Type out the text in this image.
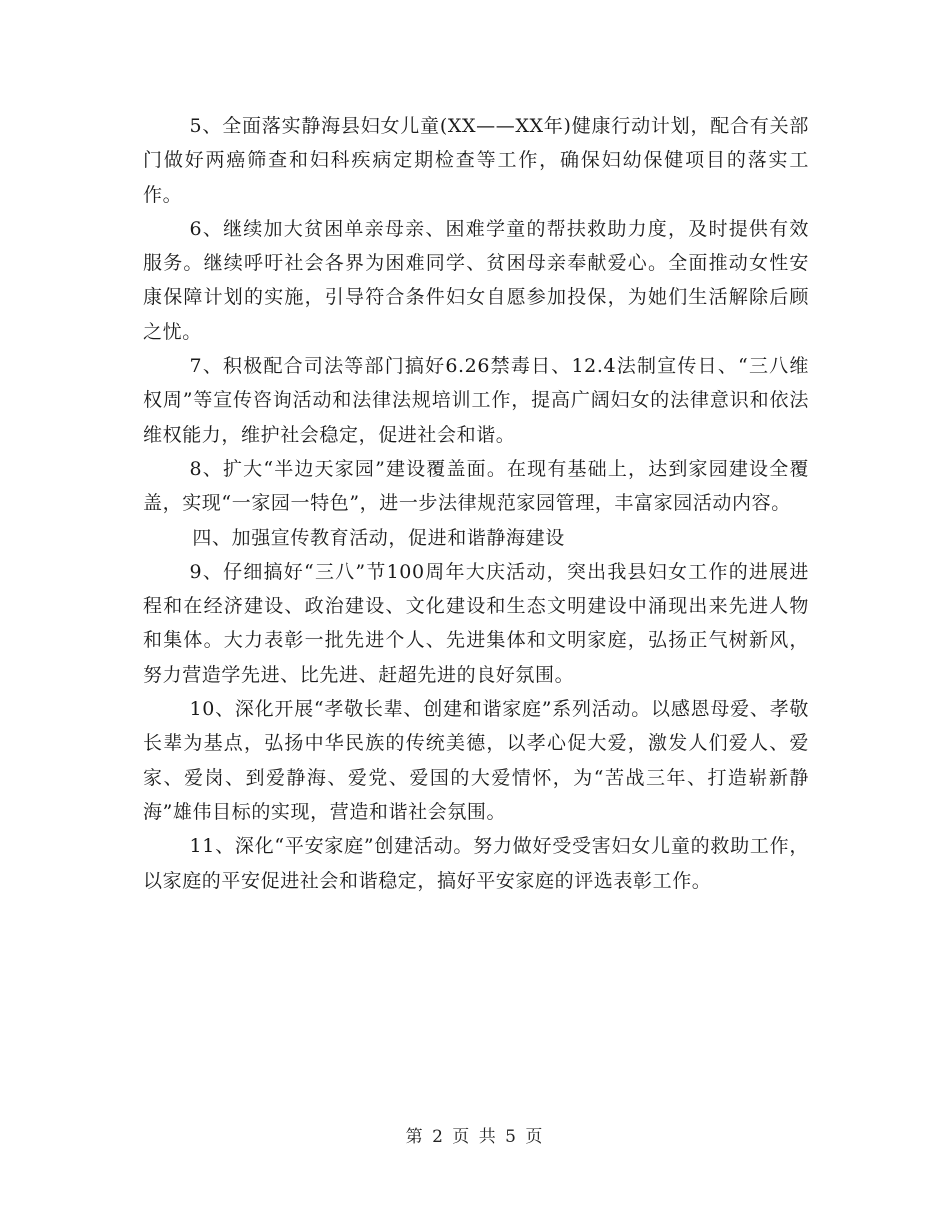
5、全面落实静海县妇女儿童(XX——XX年)健康行动计划，配合有关部门做好两癌筛查和妇科疾病定期检查等工作，确保妇幼保健项目的落实工作。

6、继续加大贫困单亲母亲、困难学童的帮扶救助力度，及时提供有效服务。继续呼吁社会各界为困难同学、贫困母亲奉献爱心。全面推动女性安康保障计划的实施，引导符合条件妇女自愿参加投保，为她们生活解除后顾之忧。

7、积极配合司法等部门搞好6.26禁毒日、12.4法制宣传日、“三八维权周”等宣传咨询活动和法律法规培训工作，提高广阔妇女的法律意识和依法维权能力，维护社会稳定，促进社会和谐。

8、扩大“半边天家园”建设覆盖面。在现有基础上，达到家园建设全覆盖，实现“一家园一特色”，进一步法律规范家园管理，丰富家园活动内容。

四、加强宣传教育活动，促进和谐静海建设

9、仔细搞好“三八”节100周年大庆活动，突出我县妇女工作的进展进程和在经济建设、政治建设、文化建设和生态文明建设中涌现出来先进人物和集体。大力表彰一批先进个人、先进集体和文明家庭，弘扬正气树新风，努力营造学先进、比先进、赶超先进的良好氛围。

10、深化开展“孝敬长辈、创建和谐家庭”系列活动。以感恩母爱、孝敬长辈为基点，弘扬中华民族的传统美德，以孝心促大爱，激发人们爱人、爱家、爱岗、到爱静海、爱党、爱国的大爱情怀，为“苦战三年、打造崭新静海”雄伟目标的实现，营造和谐社会氛围。

11、深化“平安家庭”创建活动。努力做好受受害妇女儿童的救助工作，以家庭的平安促进社会和谐稳定，搞好平安家庭的评选表彰工作。

第 2 页 共 5 页
